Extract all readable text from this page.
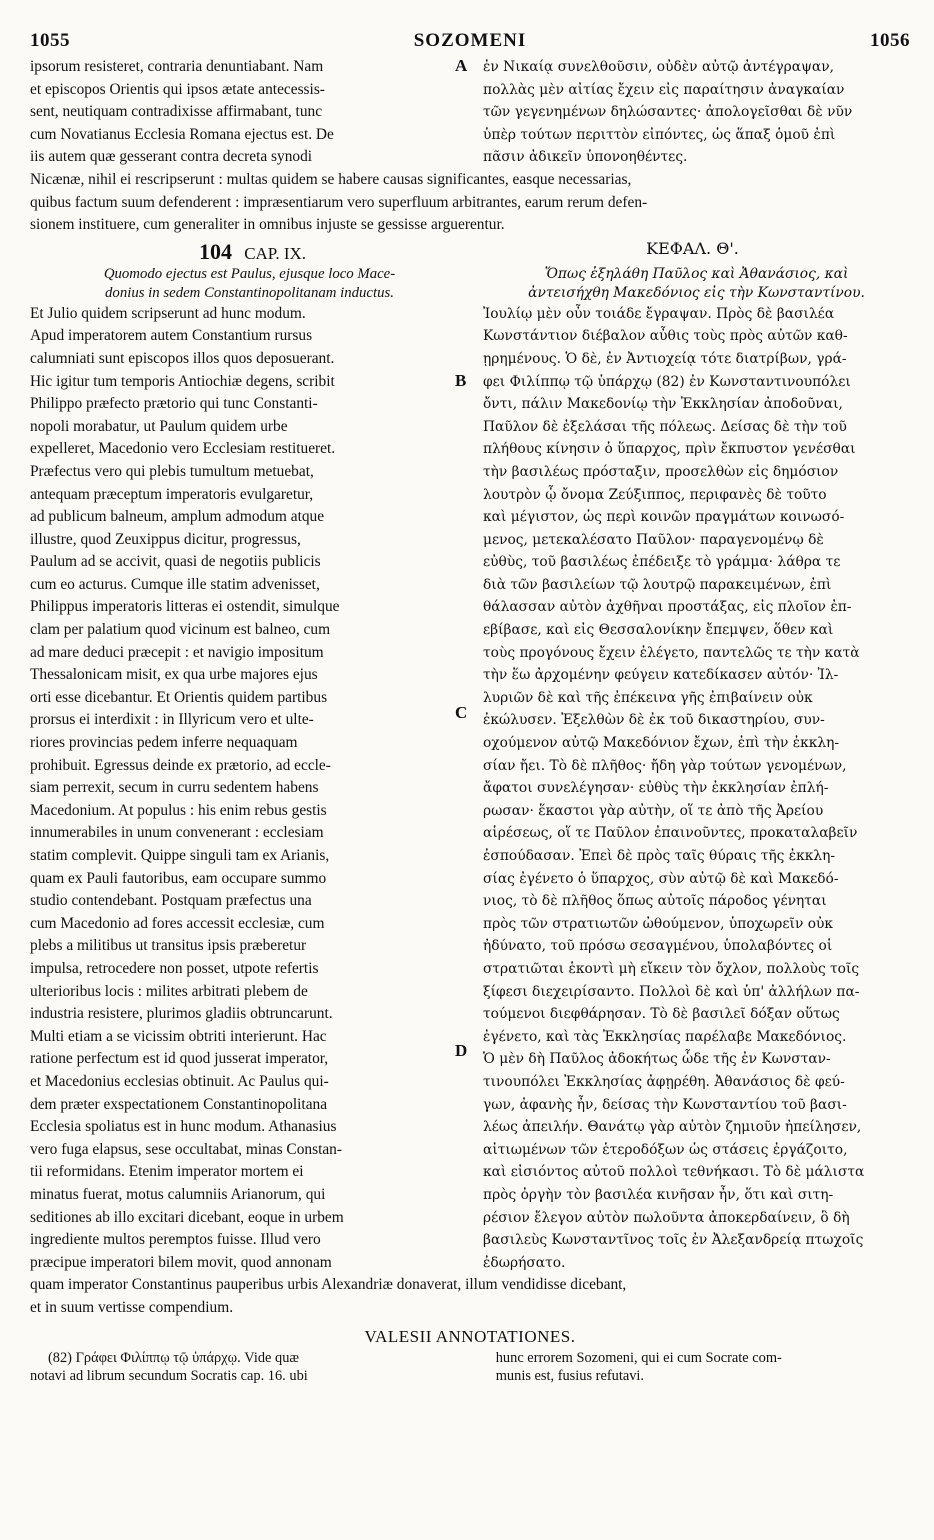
1055	SOZOMENI	1056
ipsorum resisteret, contraria denuntiabant. Nam
et episcopos Orientis qui ipsos ætate antecessis-
sent, neutiquam contradixisse affirmabant, tunc
cum Novatianus Ecclesia Romana ejectus est. De
iis autem quæ gesserant contra decreta synodi
ἐν Νικαίᾳ συνελθοῦσιν, οὐδὲν αὐτῷ ἀντέγραψαν,
πολλὰς μὲν αἰτίας ἔχειν εἰς παραίτησιν ἀναγκαίαν
τῶν γεγενημένων δηλώσαντες· ἀπολογεῖσθαι δὲ νῦν
ὑπὲρ τούτων περιττὸν εἰπόντες, ὡς ἅπαξ ὁμοῦ ἐπὶ
πᾶσιν ἀδικεῖν ὑπονοηθέντες.
A
Nicænæ, nihil ei rescripserunt : multas quidem se habere causas significantes, easque necessarias,
quibus factum suum defenderent : impræsentiarum vero superfluum arbitrantes, earum rerum defen-
sionem instituere, cum generaliter in omnibus injuste se gessisse arguerentur.
104 CAP. IX.	ΚΕΦΑΛ. Θ'.
Quomodo ejectus est Paulus, ejusque loco Mace-
donius in sedem Constantinopolitanam inductus.
Ὅπως ἐξηλάθη Παῦλος καὶ Ἀθανάσιος, καὶ
ἀντεισήχθη Μακεδόνιος εἰς τὴν Κωνσταντίνου.
Et Julio quidem scripserunt ad hunc modum.
Apud imperatorem autem Constantium rursus
calumniati sunt episcopos illos quos deposuerant.
Hic igitur tum temporis Antiochiæ degens, scribit
Philippo præfecto prætorio qui tunc Constanti-
nopoli morabatur, ut Paulum quidem urbe
expelleret, Macedonio vero Ecclesiam restitueret.
Præfectus vero qui plebis tumultum metuebat,
antequam præceptum imperatoris evulgaretur,
ad publicum balneum, amplum admodum atque
illustre, quod Zeuxippus dicitur, progressus,
Paulum ad se accivit, quasi de negotiis publicis
cum eo acturus. Cumque ille statim advenisset,
Philippus imperatoris litteras ei ostendit, simulque
clam per palatium quod vicinum est balneo, cum
ad mare deduci præcepit : et navigio impositum
Thessalonicam misit, ex qua urbe majores ejus
orti esse dicebantur. Et Orientis quidem partibus
prorsus ei interdixit : in Illyricum vero et ulte-
riores provincias pedem inferre nequaquam
prohibuit. Egressus deinde ex prætorio, ad eccle-
siam perrexit, secum in curru sedentem habens
Macedonium. At populus : his enim rebus gestis
innumerabiles in unum convenerant : ecclesiam
statim complevit. Quippe singuli tam ex Arianis,
quam ex Pauli fautoribus, eam occupare summo
studio contendebant. Postquam præfectus una
cum Macedonio ad fores accessit ecclesiæ, cum
plebs a militibus ut transitus ipsis præberetur
impulsa, retrocedere non posset, utpote refertis
ulterioribus locis : milites arbitrati plebem de
industria resistere, plurimos gladiis obtruncarunt.
Multi etiam a se vicissim obtriti interierunt. Hac
ratione perfectum est id quod jusserat imperator,
et Macedonius ecclesias obtinuit. Ac Paulus qui-
dem præter exspectationem Constantinopolitana
Ecclesia spoliatus est in hunc modum. Athanasius
vero fuga elapsus, sese occultabat, minas Constan-
tii reformidans. Etenim imperator mortem ei
minatus fuerat, motus calumniis Arianorum, qui
seditiones ab illo excitari dicebant, eoque in urbem
ingrediente multos peremptos fuisse. Illud vero
præcipue imperatori bilem movit, quod annonam
Ἰουλίῳ μὲν οὖν τοιάδε ἔγραψαν. Πρὸς δὲ βασιλέα
Κωνστάντιον διέβαλον αὖθις τοὺς πρὸς αὐτῶν καθ-
ῃρημένους. Ὁ δὲ, ἐν Ἀντιοχείᾳ τότε διατρίβων, γρά-
φει Φιλίππῳ τῷ ὑπάρχῳ (82) ἐν Κωνσταντινουπόλει
ὄντι, πάλιν Μακεδονίῳ τὴν Ἐκκλησίαν ἀποδοῦναι,
Παῦλον δὲ ἐξελάσαι τῆς πόλεως. Δείσας δὲ τὴν τοῦ
πλήθους κίνησιν ὁ ὕπαρχος, πρὶν ἔκπυστον γενέσθαι
τὴν βασιλέως πρόσταξιν, προσελθὼν εἰς δημόσιον
λουτρὸν ᾧ ὄνομα Ζεύξιππος, περιφανὲς δὲ τοῦτο
καὶ μέγιστον, ὡς περὶ κοινῶν πραγμάτων κοινωσό-
μενος, μετεκαλέσατο Παῦλον· παραγενομένῳ δὲ
εὐθὺς, τοῦ βασιλέως ἐπέδειξε τὸ γράμμα· λάθρα τε
διὰ τῶν βασιλείων τῷ λουτρῷ παρακειμένων, ἐπὶ
θάλασσαν αὐτὸν ἀχθῆναι προστάξας, εἰς πλοῖον ἐπ-
εβίβασε, καὶ εἰς Θεσσαλονίκην ἔπεμψεν, ὅθεν καὶ
τοὺς προγόνους ἔχειν ἐλέγετο, παντελῶς τε τὴν κατὰ
τὴν ἕω ἀρχομένην φεύγειν κατεδίκασεν αὐτόν· Ἰλ-
λυριῶν δὲ καὶ τῆς ἐπέκεινα γῆς ἐπιβαίνειν οὐκ
ἐκώλυσεν. Ἐξελθὼν δὲ ἐκ τοῦ δικαστηρίου, συν-
οχούμενον αὐτῷ Μακεδόνιον ἔχων, ἐπὶ τὴν ἐκκλη-
σίαν ἤει. Τὸ δὲ πλῆθος· ἤδη γὰρ τούτων γενομένων,
ἄφατοι συνελέγησαν· εὐθὺς τὴν ἐκκλησίαν ἐπλή-
ρωσαν· ἕκαστοι γὰρ αὐτὴν, οἵ τε ἀπὸ τῆς Ἀρείου
αἱρέσεως, οἵ τε Παῦλον ἐπαινοῦντες, προκαταλαβεῖν
ἐσπούδασαν. Ἐπεὶ δὲ πρὸς ταῖς θύραις τῆς ἐκκλη-
σίας ἐγένετο ὁ ὕπαρχος, σὺν αὐτῷ δὲ καὶ Μακεδό-
νιος, τὸ δὲ πλῆθος ὅπως αὐτοῖς πάροδος γένηται
πρὸς τῶν στρατιωτῶν ὠθούμενον, ὑποχωρεῖν οὐκ
ἠδύνατο, τοῦ πρόσω σεσαγμένου, ὑπολαβόντες οἱ
στρατιῶται ἑκοντὶ μὴ εἴκειν τὸν ὄχλον, πολλοὺς τοῖς
ξίφεσι διεχειρίσαντο. Πολλοὶ δὲ καὶ ὑπ' ἀλλήλων πα-
τούμενοι διεφθάρησαν. Τὸ δὲ βασιλεῖ δόξαν οὕτως
ἐγένετο, καὶ τὰς Ἐκκλησίας παρέλαβε Μακεδόνιος.
Ὁ μὲν δὴ Παῦλος ἀδοκήτως ὧδε τῆς ἐν Κωνσταν-
τινουπόλει Ἐκκλησίας ἀφῃρέθη. Ἀθανάσιος δὲ φεύ-
γων, ἀφανὴς ἦν, δείσας τὴν Κωνσταντίου τοῦ βασι-
λέως ἀπειλήν. Θανάτῳ γὰρ αὐτὸν ζημιοῦν ἠπείλησεν,
αἰτιωμένων τῶν ἑτεροδόξων ὡς στάσεις ἐργάζοιτο,
καὶ εἰσιόντος αὐτοῦ πολλοὶ τεθνήκασι. Τὸ δὲ μάλιστα
πρὸς ὀργὴν τὸν βασιλέα κινῆσαν ἦν, ὅτι καὶ σιτη-
ρέσιον ἔλεγον αὐτὸν πωλοῦντα ἀποκερδαίνειν, ὃ δὴ
βασιλεὺς Κωνσταντῖνος τοῖς ἐν Ἀλεξανδρείᾳ πτωχοῖς
ἐδωρήσατο.
B
C
D
quam imperator Constantinus pauperibus urbis Alexandriæ donaverat, illum vendidisse dicebant,
et in suum vertisse compendium.
VALESII ANNOTATIONES.
(82) Γράφει Φιλίππῳ τῷ ὑπάρχῳ. Vide quæ
notavi ad librum secundum Socratis cap. 16. ubi
hunc errorem Sozomeni, qui ei cum Socrate com-
munis est, fusius refutavi.
